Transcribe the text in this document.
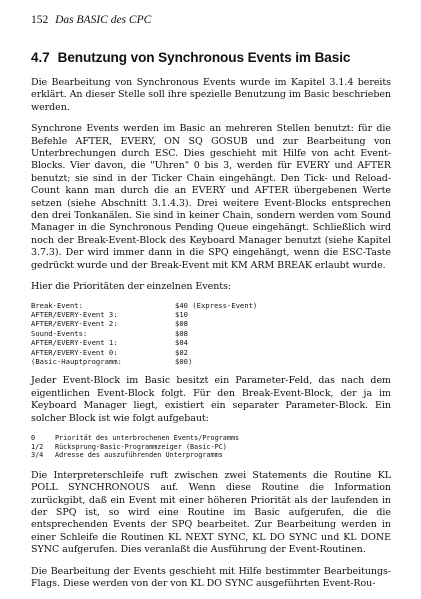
152 Das BASIC des CPC
4.7 Benutzung von Synchronous Events im Basic

Die Bearbeitung von Synchronous Events wurde im Kapitel 3.1.4 bereits erklärt. An dieser Stelle soll ihre spezielle Benutzung im Basic beschrieben werden.

Synchrone Events werden im Basic an mehreren Stellen benutzt: für die Befehle AFTER, EVERY, ON SQ GOSUB und zur Bearbeitung von Unterbrechungen durch ESC. Dies geschieht mit Hilfe von acht Event-Blocks. Vier davon, die "Uhren" 0 bis 3, werden für EVERY und AFTER benutzt; sie sind in der Ticker Chain eingehängt. Den Tick- und Reload-Count kann man durch die an EVERY und AFTER übergebenen Werte setzen (siehe Abschnitt 3.1.4.3). Drei weitere Event-Blocks entsprechen den drei Tonkanälen. Sie sind in keiner Chain, sondern werden vom Sound Manager in die Synchronous Pending Queue eingehängt. Schließlich wird noch der Break-Event-Block des Keyboard Manager benutzt (siehe Kapitel 3.7.3). Der wird immer dann in die SPQ eingehängt, wenn die ESC-Taste gedrückt wurde und der Break-Event mit KM ARM BREAK erlaubt wurde.

Hier die Prioritäten der einzelnen Events:

Break-Event:	$40 (Express-Event)
AFTER/EVERY-Event 3:	$10
AFTER/EVERY-Event 2:	$08
Sound-Events:	$08
AFTER/EVERY-Event 1:	$04
AFTER/EVERY-Event 0:	$02
(Basic-Hauptprogramm:	$00)

Jeder Event-Block im Basic besitzt ein Parameter-Feld, das nach dem eigentlichen Event-Block folgt. Für den Break-Event-Block, der ja im Keyboard Manager liegt, existiert ein separater Parameter-Block. Ein solcher Block ist wie folgt aufgebaut:

0	Priorität des unterbrochenen Events/Programms
1/2	Rücksprung-Basic-Programmzeiger (Basic-PC)
3/4	Adresse des auszuführenden Unterprogramms

Die Interpreterschleife ruft zwischen zwei Statements die Routine KL POLL SYNCHRONOUS auf. Wenn diese Routine die Information zurückgibt, daß ein Event mit einer höheren Priorität als der laufenden in der SPQ ist, so wird eine Routine im Basic aufgerufen, die die entsprechenden Events der SPQ bearbeitet. Zur Bearbeitung werden in einer Schleife die Routinen KL NEXT SYNC, KL DO SYNC und KL DONE SYNC aufgerufen. Dies veranlaßt die Ausführung der Event-Routinen.

Die Bearbeitung der Events geschieht mit Hilfe bestimmter Bearbeitungs-Flags. Diese werden von der von KL DO SYNC ausgeführten Event-Rou-
